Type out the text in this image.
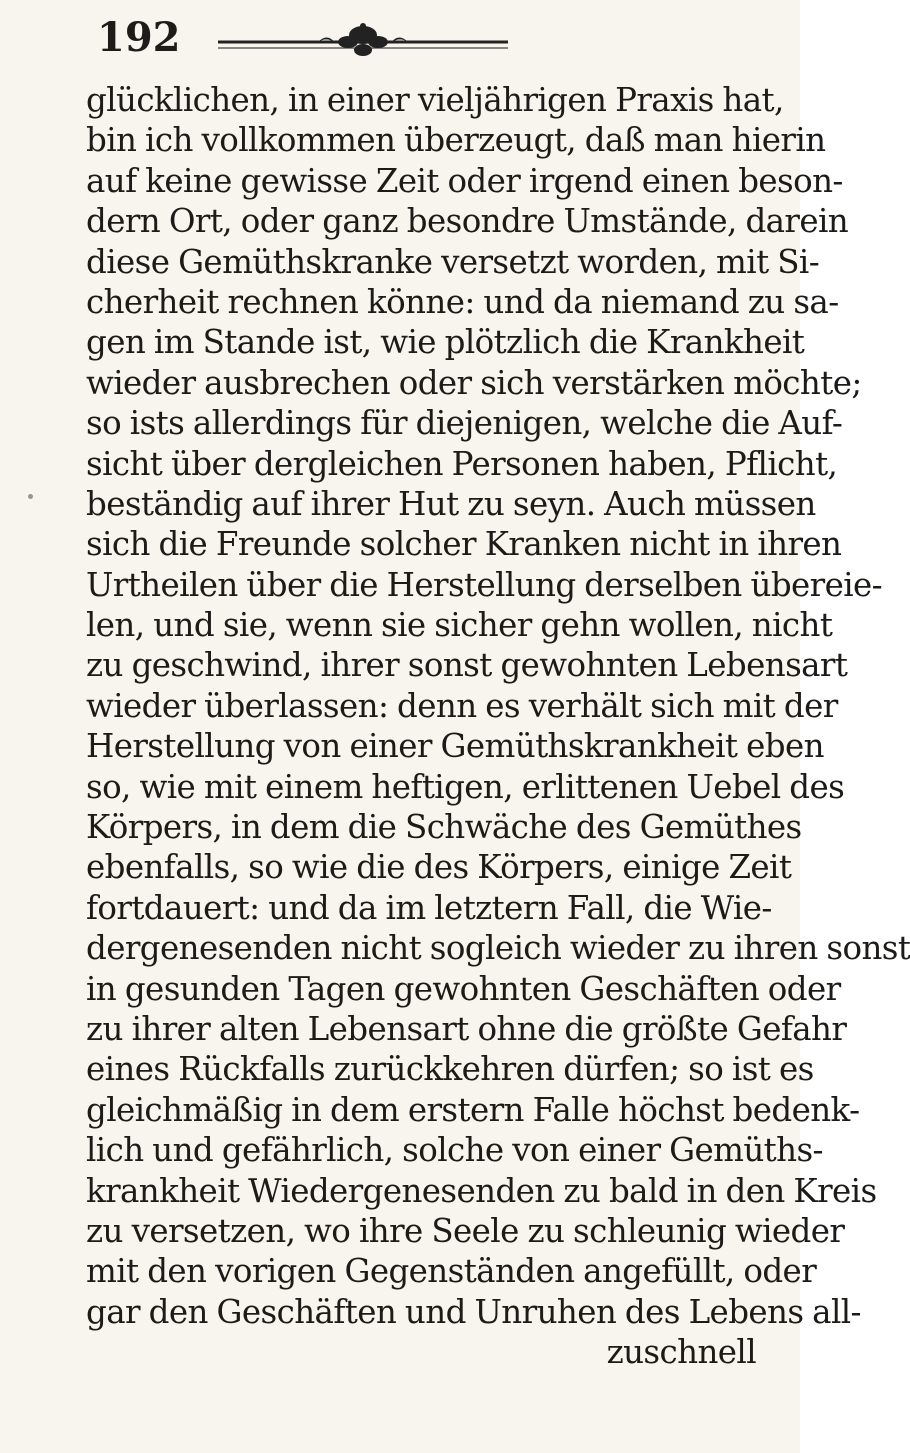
192
glücklichen, in einer vieljährigen Praxis hat,
bin ich vollkommen überzeugt, daß man hierin
auf keine gewisse Zeit oder irgend einen beson-
dern Ort, oder ganz besondre Umstände, darein
diese Gemüthskranke versetzt worden, mit Si-
cherheit rechnen könne: und da niemand zu sa-
gen im Stande ist, wie plötzlich die Krankheit
wieder ausbrechen oder sich verstärken möchte;
so ists allerdings für diejenigen, welche die Auf-
sicht über dergleichen Personen haben, Pflicht,
beständig auf ihrer Hut zu seyn. Auch müssen
sich die Freunde solcher Kranken nicht in ihren
Urtheilen über die Herstellung derselben übereie-
len, und sie, wenn sie sicher gehn wollen, nicht
zu geschwind, ihrer sonst gewohnten Lebensart
wieder überlassen: denn es verhält sich mit der
Herstellung von einer Gemüthskrankheit eben
so, wie mit einem heftigen, erlittenen Uebel des
Körpers, in dem die Schwäche des Gemüthes
ebenfalls, so wie die des Körpers, einige Zeit
fortdauert: und da im letztern Fall, die Wie-
dergenesenden nicht sogleich wieder zu ihren sonst
in gesunden Tagen gewohnten Geschäften oder
zu ihrer alten Lebensart ohne die größte Gefahr
eines Rückfalls zurückkehren dürfen; so ist es
gleichmäßig in dem erstern Falle höchst bedenk-
lich und gefährlich, solche von einer Gemüths-
krankheit Wiedergenesenden zu bald in den Kreis
zu versetzen, wo ihre Seele zu schleunig wieder
mit den vorigen Gegenständen angefüllt, oder
gar den Geschäften und Unruhen des Lebens all-
zuschnell
